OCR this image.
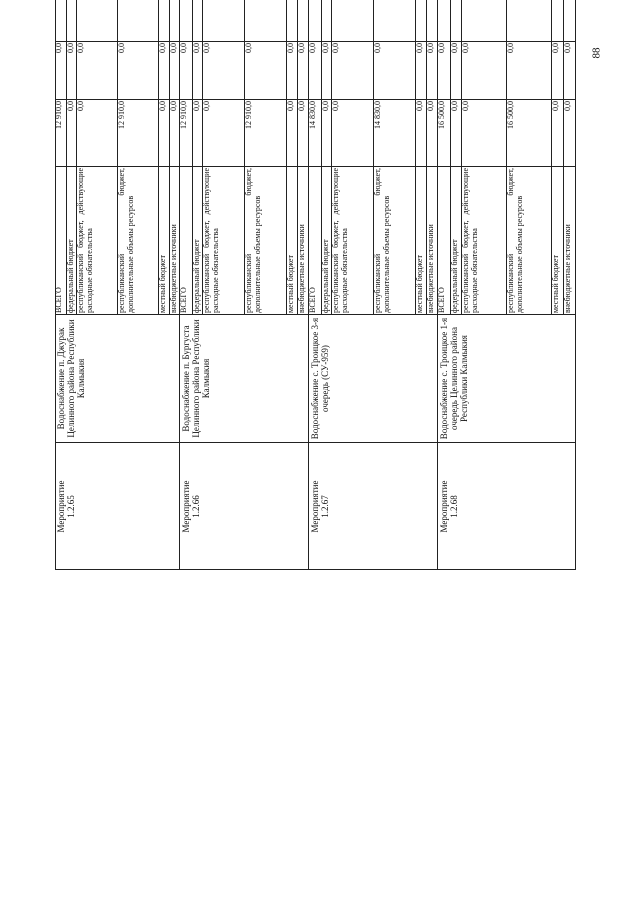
88
Мероприятие
1.2.65
Водоснабжение п. Джурак Целинного района Республики Калмыкия
ВСЕГО
12 910,0
0,0
федеральный бюджет
0,0
0,0
республиканский бюджет, действующие расходные обязательства
0,0
0,0
республиканский бюджет, дополнительные объемы ресурсов
12 910,0
0,0
местный бюджет
0,0
0,0
внебюджетные источники
0,0
0,0
Мероприятие
1.2.66
Водоснабжение п. Бургуста Целинного района Республики Калмыкия
ВСЕГО
12 910,0
0,0
федеральный бюджет
0,0
0,0
республиканский бюджет, действующие расходные обязательства
0,0
0,0
республиканский бюджет, дополнительные объемы ресурсов
12 910,0
0,0
местный бюджет
0,0
0,0
внебюджетные источники
0,0
0,0
Мероприятие
1.2.67
Водоснабжение с. Троицкое 3-я очередь (СУ-959)
ВСЕГО
14 830,0
0,0
федеральный бюджет
0,0
0,0
республиканский бюджет, действующие расходные обязательства
0,0
0,0
республиканский бюджет, дополнительные объемы ресурсов
14 830,0
0,0
местный бюджет
0,0
0,0
внебюджетные источники
0,0
0,0
Мероприятие
1.2.68
Водоснабжение с. Троицкое 1-я очередь Целинного района Республики Калмыкия
ВСЕГО
16 500,0
0,0
федеральный бюджет
0,0
0,0
республиканский бюджет, действующие расходные обязательства
0,0
0,0
республиканский бюджет, дополнительные объемы ресурсов
16 500,0
0,0
местный бюджет
0,0
0,0
внебюджетные источники
0,0
0,0
